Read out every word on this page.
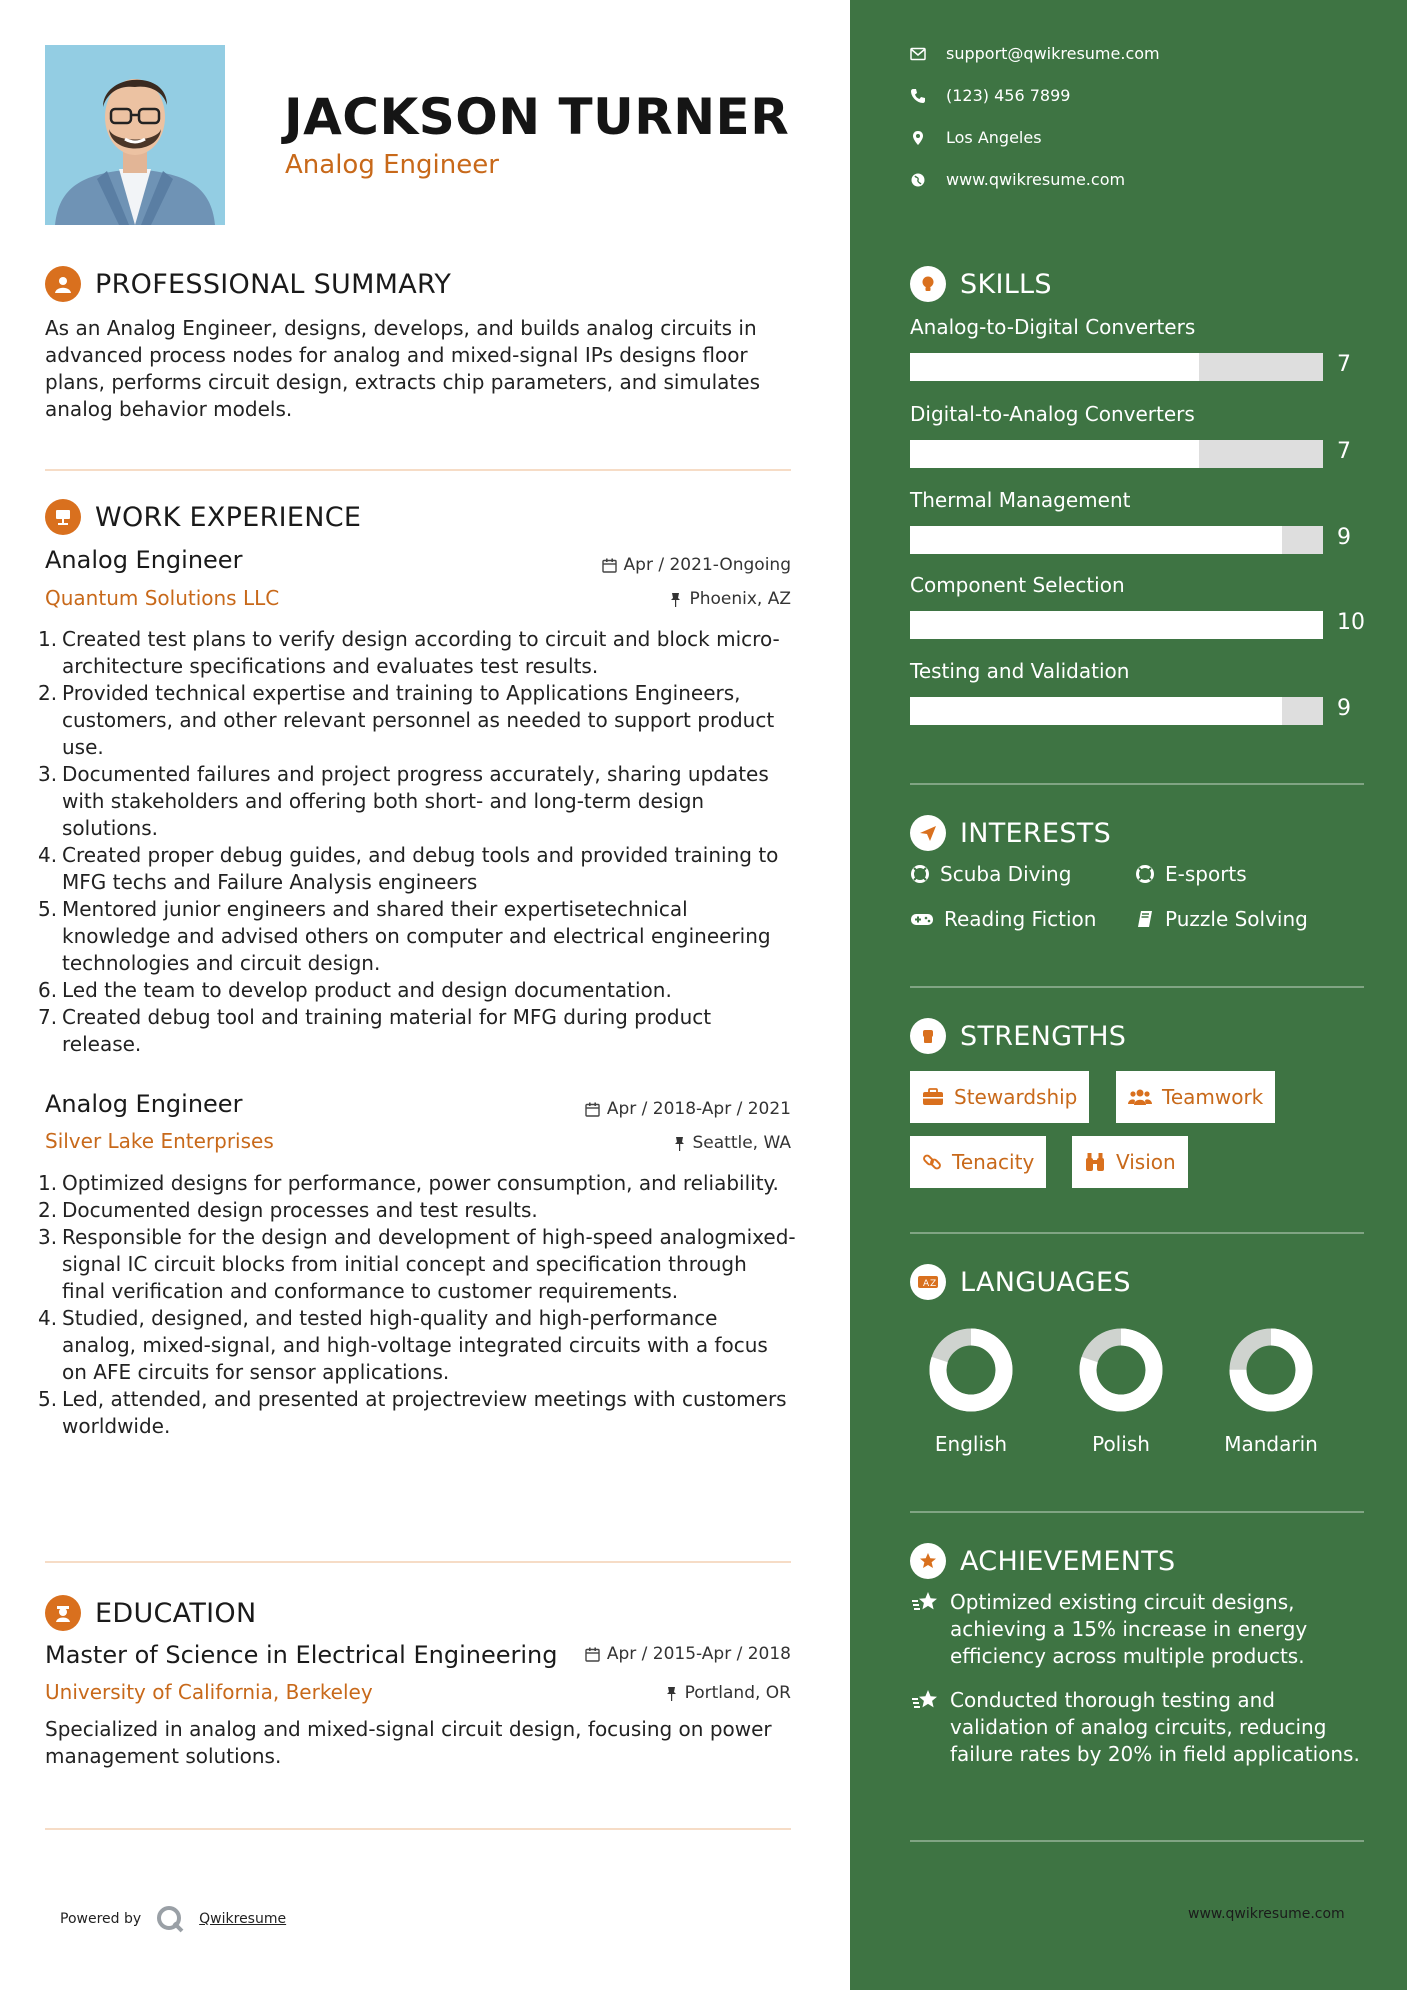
JACKSON TURNER
Analog Engineer
PROFESSIONAL SUMMARY
As an Analog Engineer, designs, develops, and builds analog circuits in advanced process nodes for analog and mixed-signal IPs designs floor plans, performs circuit design, extracts chip parameters, and simulates analog behavior models.
WORK EXPERIENCE
Analog Engineer
Quantum Solutions LLC
Apr / 2021-Ongoing
Phoenix, AZ
1. Created test plans to verify design according to circuit and block micro-architecture specifications and evaluates test results.
2. Provided technical expertise and training to Applications Engineers, customers, and other relevant personnel as needed to support product use.
3. Documented failures and project progress accurately, sharing updates with stakeholders and offering both short- and long-term design solutions.
4. Created proper debug guides, and debug tools and provided training to MFG techs and Failure Analysis engineers
5. Mentored junior engineers and shared their expertisetechnical knowledge and advised others on computer and electrical engineering technologies and circuit design.
6. Led the team to develop product and design documentation.
7. Created debug tool and training material for MFG during product release.
Analog Engineer
Silver Lake Enterprises
Apr / 2018-Apr / 2021
Seattle, WA
1. Optimized designs for performance, power consumption, and reliability.
2. Documented design processes and test results.
3. Responsible for the design and development of high-speed analogmixed-signal IC circuit blocks from initial concept and specification through final verification and conformance to customer requirements.
4. Studied, designed, and tested high-quality and high-performance analog, mixed-signal, and high-voltage integrated circuits with a focus on AFE circuits for sensor applications.
5. Led, attended, and presented at projectreview meetings with customers worldwide.
EDUCATION
Master of Science in Electrical Engineering
University of California, Berkeley
Apr / 2015-Apr / 2018
Portland, OR
Specialized in analog and mixed-signal circuit design, focusing on power management solutions.
Powered by	Qwikresume
support@qwikresume.com
(123) 456 7899
Los Angeles
www.qwikresume.com
SKILLS
Analog-to-Digital Converters
7
Digital-to-Analog Converters
7
Thermal Management
9
Component Selection
10
Testing and Validation
9
INTERESTS
Scuba Diving	E-sports
Reading Fiction	Puzzle Solving
STRENGTHS
Stewardship	Teamwork
Tenacity	Vision
A Z LANGUAGES
English	Polish	Mandarin
ACHIEVEMENTS
Optimized existing circuit designs, achieving a 15% increase in energy efficiency across multiple products.
Conducted thorough testing and validation of analog circuits, reducing failure rates by 20% in field applications.
www.qwikresume.com
